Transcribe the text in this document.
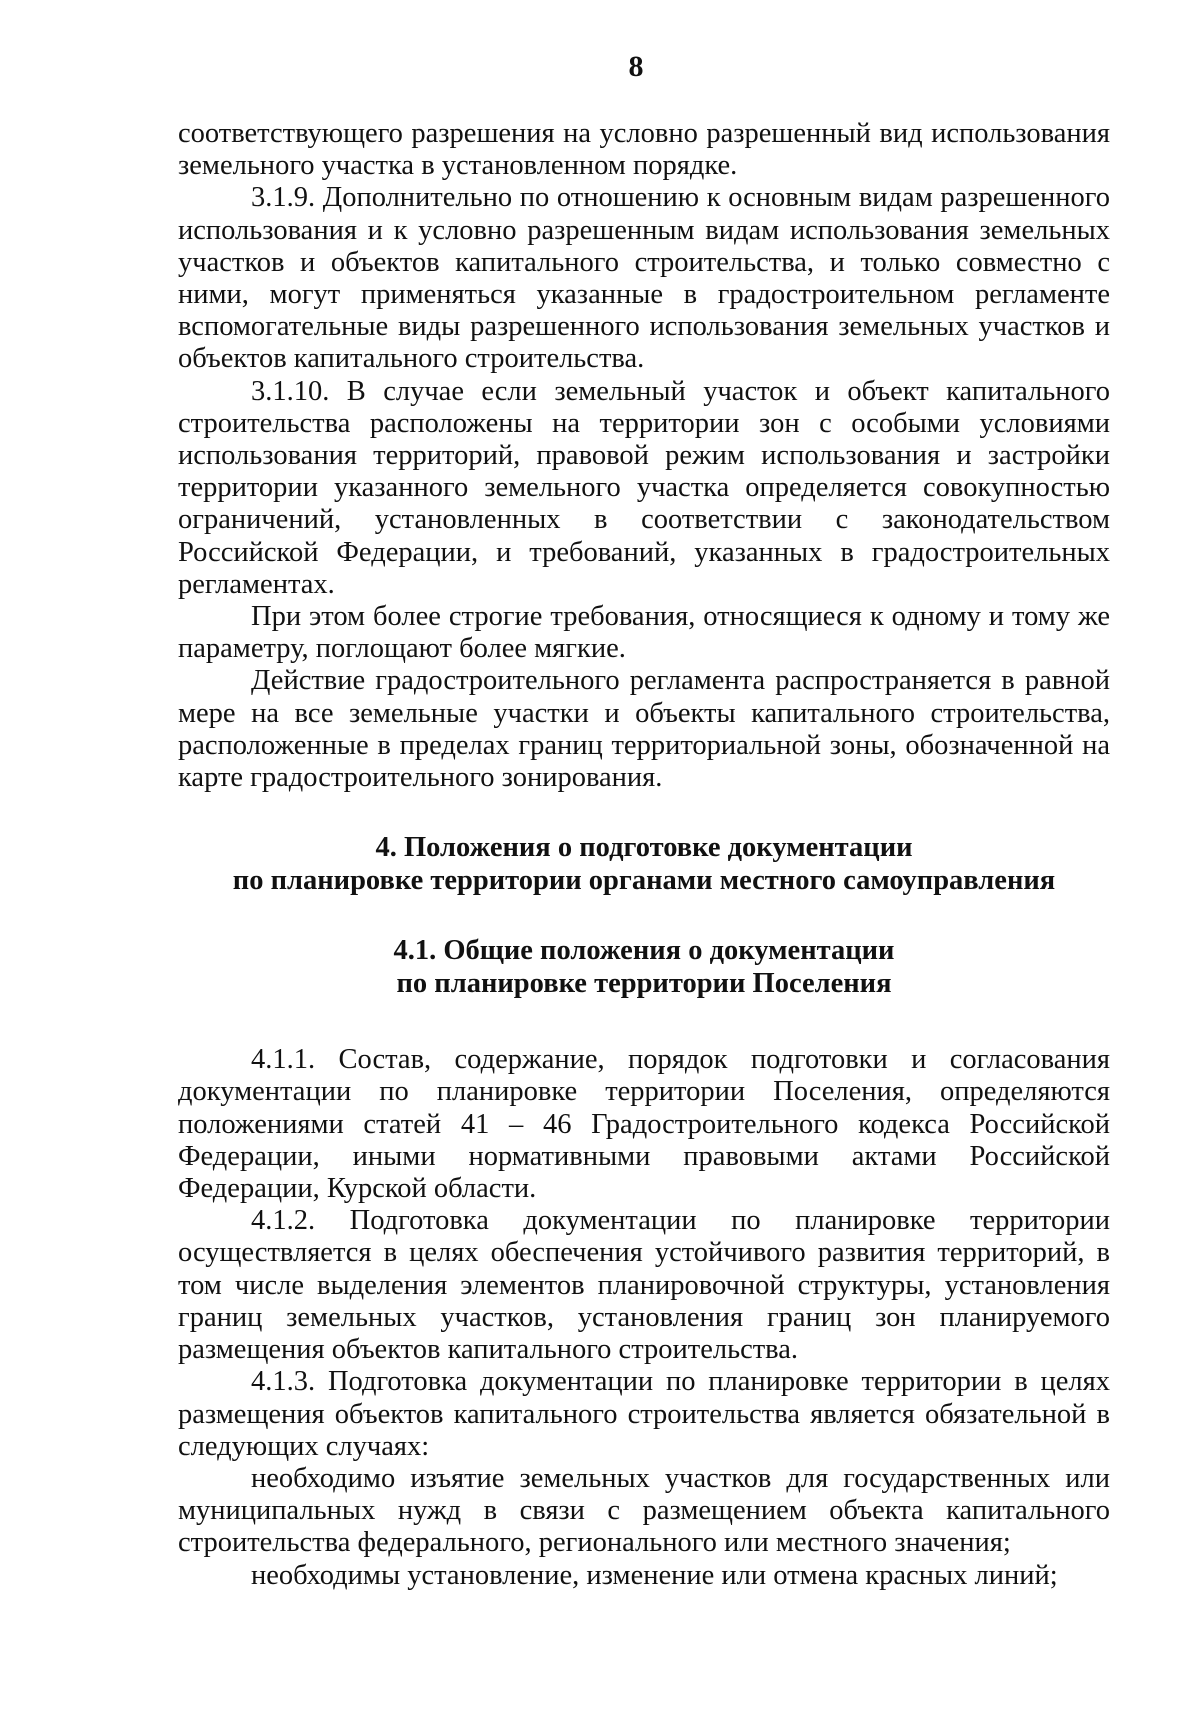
8

соответствующего разрешения на условно разрешенный вид использования земельного участка в установленном порядке.

3.1.9. Дополнительно по отношению к основным видам разрешенного использования и к условно разрешенным видам использования земельных участков и объектов капитального строительства, и только совместно с ними, могут применяться указанные в градостроительном регламенте вспомогательные виды разрешенного использования земельных участков и объектов капитального строительства.

3.1.10. В случае если земельный участок и объект капитального строительства расположены на территории зон с особыми условиями использования территорий, правовой режим использования и застройки территории указанного земельного участка определяется совокупностью ограничений, установленных в соответствии с законодательством Российской Федерации, и требований, указанных в градостроительных регламентах.

При этом более строгие требования, относящиеся к одному и тому же параметру, поглощают более мягкие.

Действие градостроительного регламента распространяется в равной мере на все земельные участки и объекты капитального строительства, расположенные в пределах границ территориальной зоны, обозначенной на карте градостроительного зонирования.

4. Положения о подготовке документации
по планировке территории органами местного самоуправления
4.1. Общие положения о документации
по планировке территории Поселения

4.1.1. Состав, содержание, порядок подготовки и согласования документации по планировке территории Поселения, определяются положениями статей 41 – 46 Градостроительного кодекса Российской Федерации, иными нормативными правовыми актами Российской Федерации, Курской области.

4.1.2. Подготовка документации по планировке территории осуществляется в целях обеспечения устойчивого развития территорий, в том числе выделения элементов планировочной структуры, установления границ земельных участков, установления границ зон планируемого размещения объектов капитального строительства.

4.1.3. Подготовка документации по планировке территории в целях размещения объектов капитального строительства является обязательной в следующих случаях:

необходимо изъятие земельных участков для государственных или муниципальных нужд в связи с размещением объекта капитального строительства федерального, регионального или местного значения;

необходимы установление, изменение или отмена красных линий;
